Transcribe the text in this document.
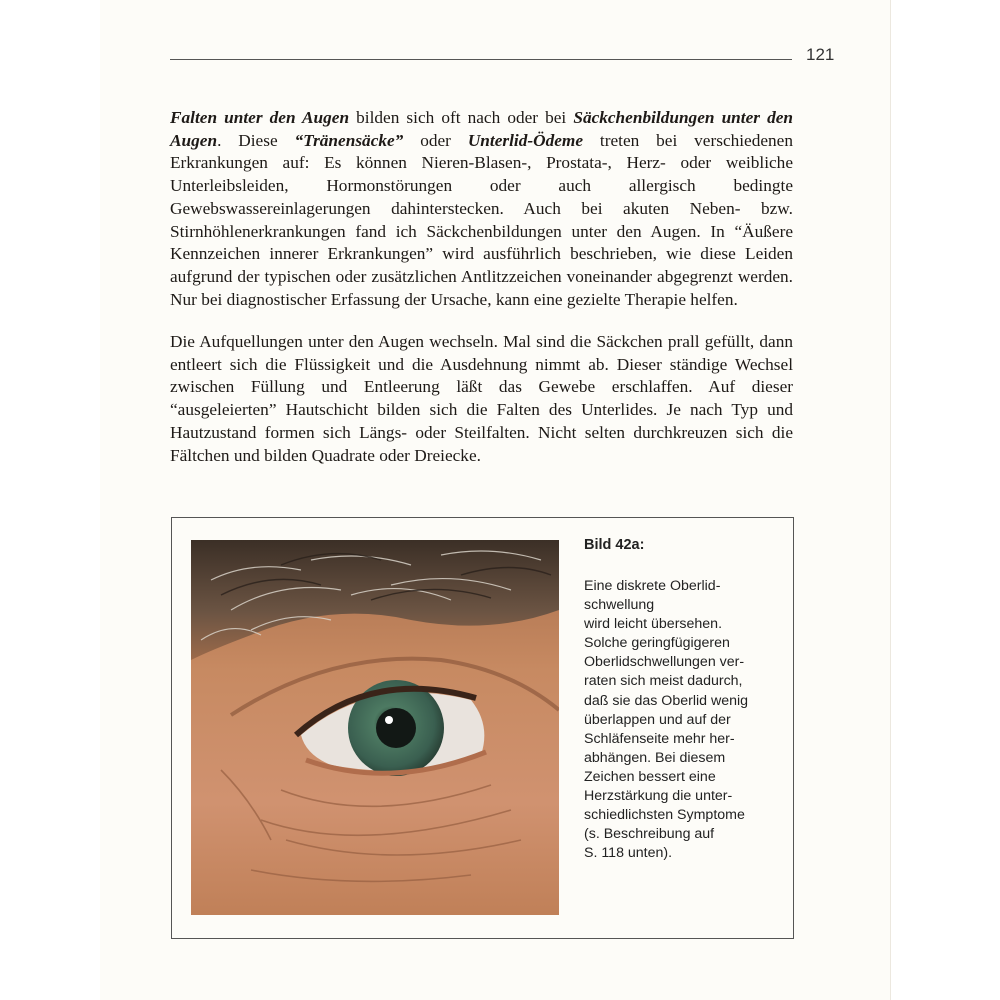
121

Falten unter den Augen bilden sich oft nach oder bei Säckchenbildungen unter den Augen. Diese “Tränensäcke” oder Unterlid-Ödeme treten bei verschiedenen Erkrankungen auf: Es können Nieren-Blasen-, Prostata-, Herz- oder weibliche Unterleibsleiden, Hormonstörungen oder auch allergisch bedingte Gewebswassereinlagerungen dahinterstecken. Auch bei akuten Neben- bzw. Stirnhöhlenerkrankungen fand ich Säckchenbildungen unter den Augen. In “Äußere Kennzeichen innerer Erkrankungen” wird ausführlich beschrieben, wie diese Leiden aufgrund der typischen oder zusätzlichen Antlitzzeichen voneinander abgegrenzt werden. Nur bei diagnostischer Erfassung der Ursache, kann eine gezielte Therapie helfen.

Die Aufquellungen unter den Augen wechseln. Mal sind die Säckchen prall gefüllt, dann entleert sich die Flüssigkeit und die Ausdehnung nimmt ab. Dieser ständige Wechsel zwischen Füllung und Entleerung läßt das Gewebe erschlaffen. Auf dieser “ausgeleierten” Hautschicht bilden sich die Falten des Unterlides. Je nach Typ und Hautzustand formen sich Längs- oder Steilfalten. Nicht selten durchkreuzen sich die Fältchen und bilden Quadrate oder Dreiecke.

Bild 42a:
Eine diskrete Oberlid-
schwellung
wird leicht übersehen.
Solche geringfügigeren
Oberlidschwellungen ver-
raten sich meist dadurch,
daß sie das Oberlid wenig
überlappen und auf der
Schläfenseite mehr her-
abhängen. Bei diesem
Zeichen bessert eine
Herzstärkung die unter-
schiedlichsten Symptome
(s. Beschreibung auf
S. 118 unten).
